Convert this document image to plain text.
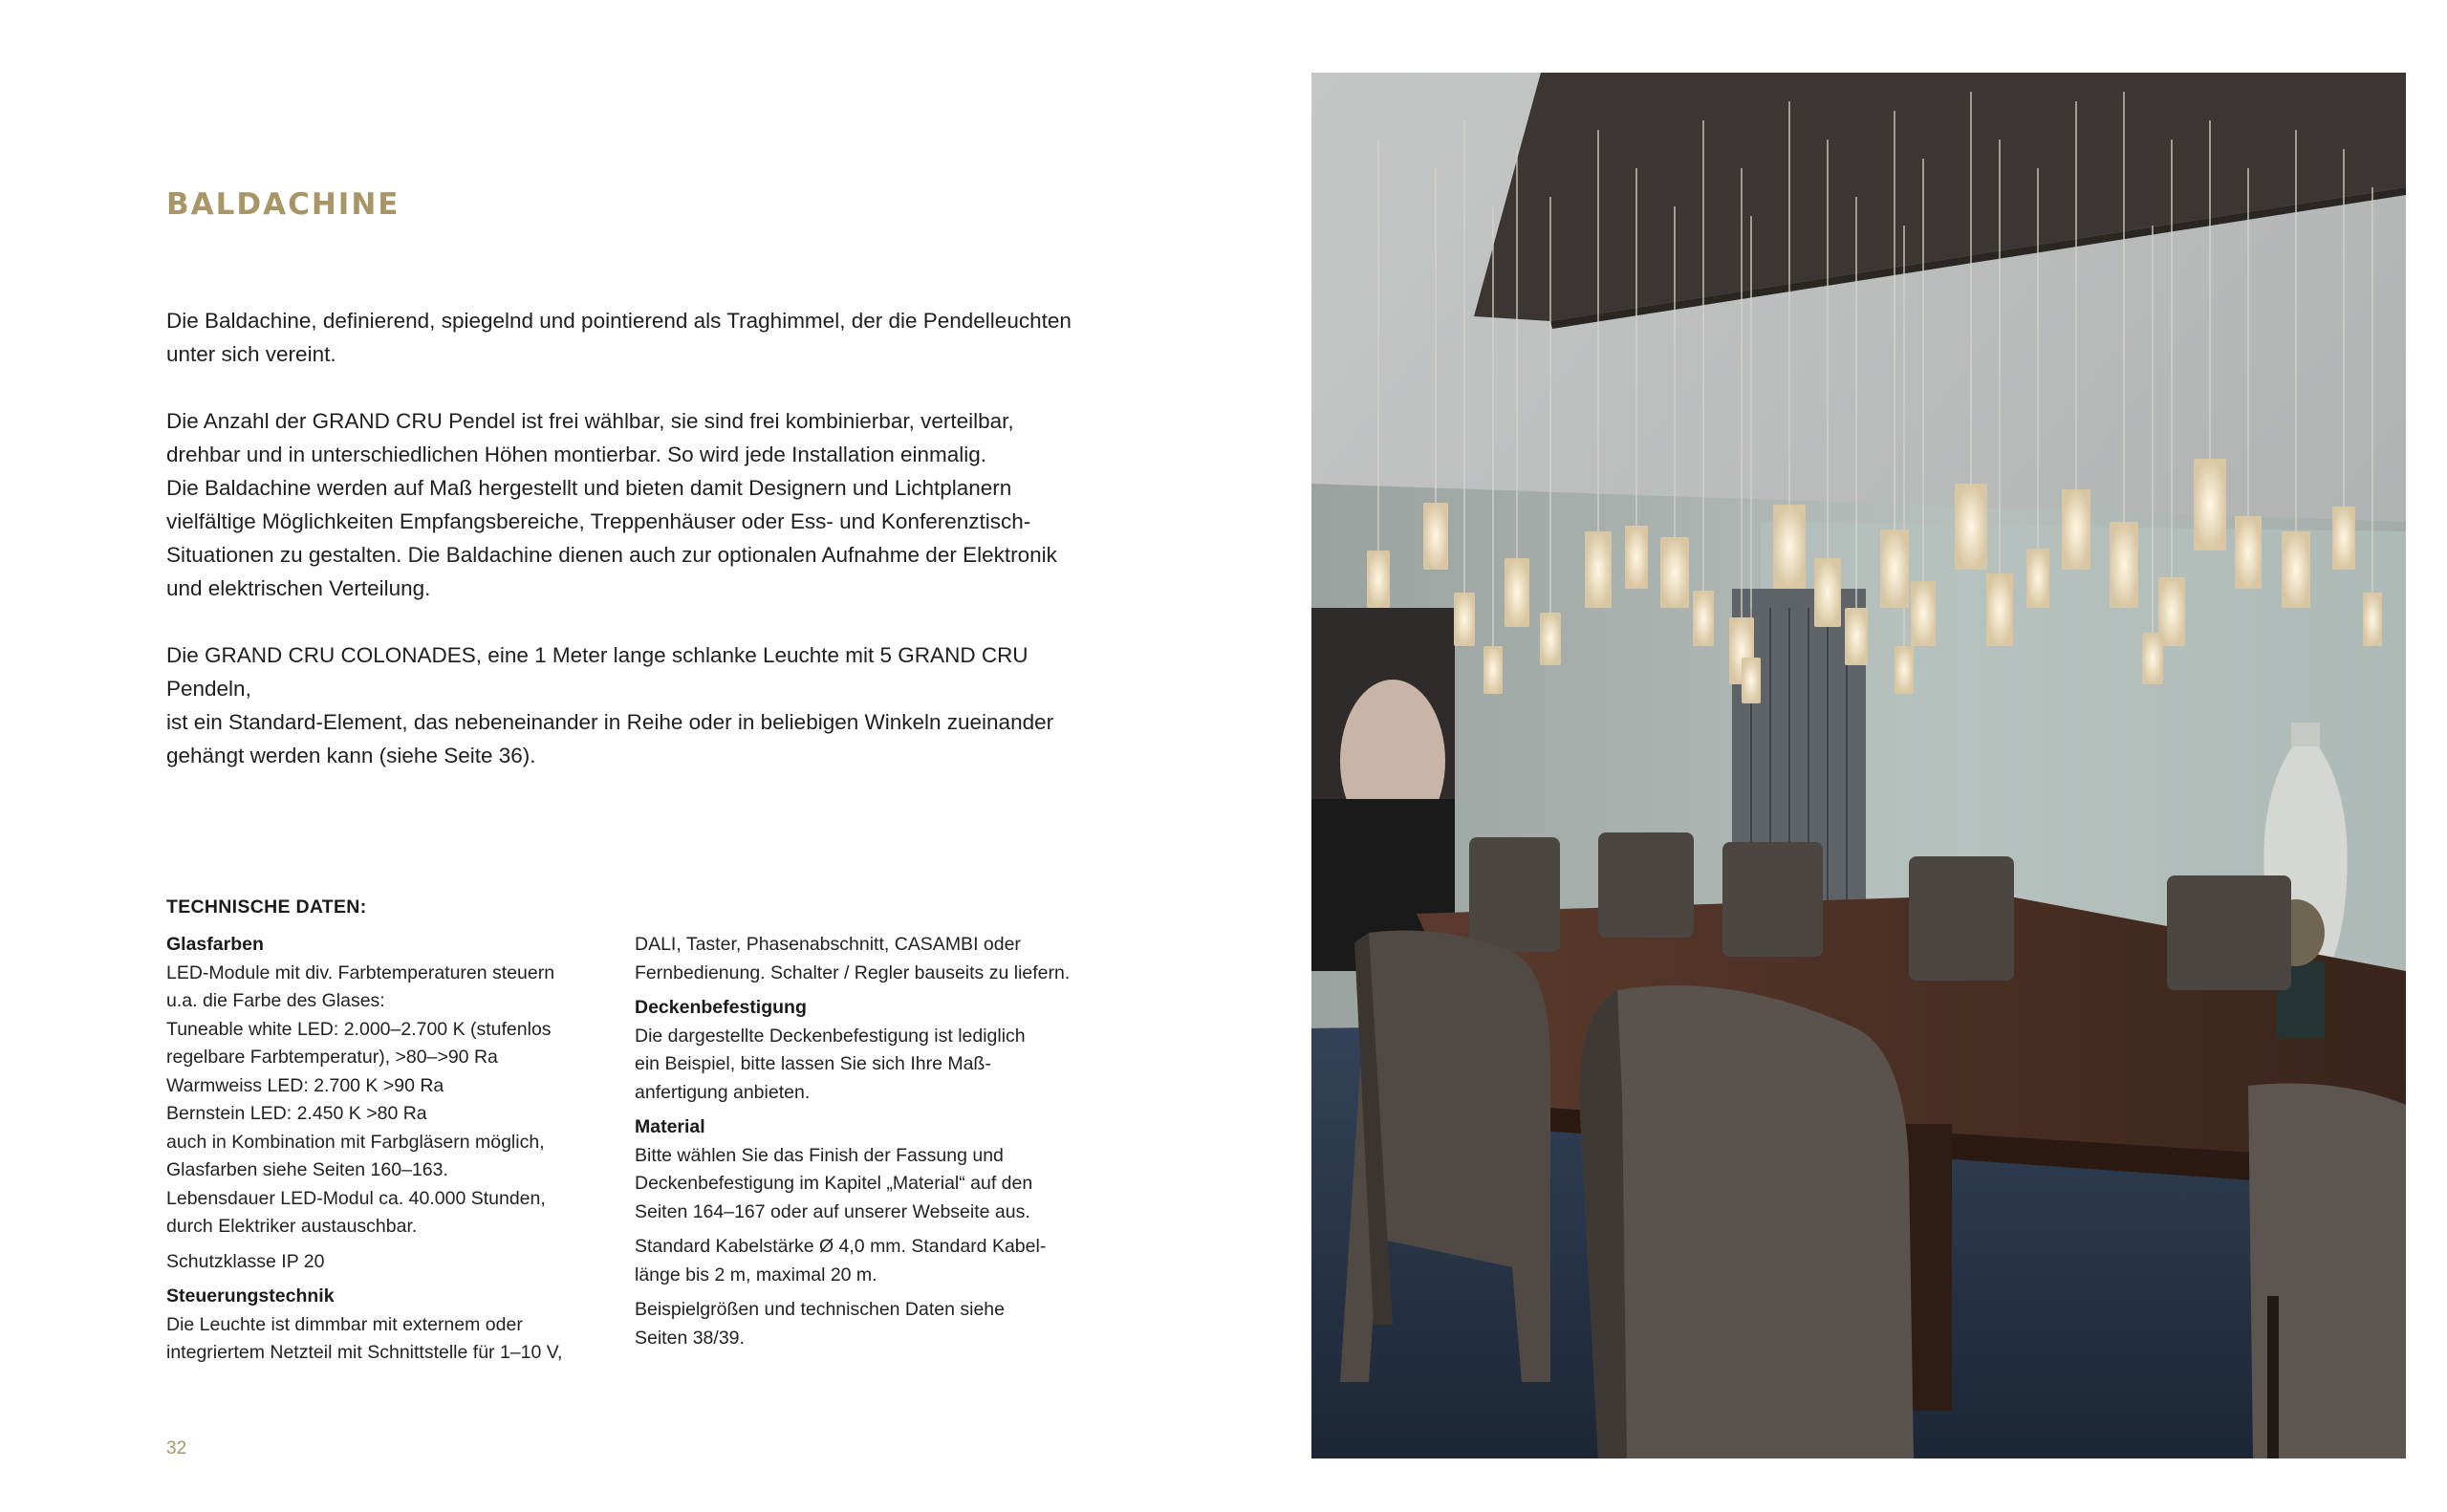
BALDACHINE

Die Baldachine, definierend, spiegelnd und pointierend als Traghimmel, der die Pendelleuchten
unter sich vereint.

Die Anzahl der GRAND CRU Pendel ist frei wählbar, sie sind frei kombinierbar, verteilbar,
drehbar und in unterschiedlichen Höhen montierbar. So wird jede Installation einmalig.
Die Baldachine werden auf Maß hergestellt und bieten damit Designern und Lichtplanern
vielfältige Möglichkeiten Empfangsbereiche, Treppenhäuser oder Ess- und Konferenztisch-
Situationen zu gestalten. Die Baldachine dienen auch zur optionalen Aufnahme der Elektronik
und elektrischen Verteilung.

Die GRAND CRU COLONADES, eine 1 Meter lange schlanke Leuchte mit 5 GRAND CRU Pendeln,
ist ein Standard-Element, das nebeneinander in Reihe oder in beliebigen Winkeln zueinander
gehängt werden kann (siehe Seite 36).

TECHNISCHE DATEN:
Glasfarben
LED-Module mit div. Farbtemperaturen steuern
u.a. die Farbe des Glases:
Tuneable white LED: 2.000–2.700 K (stufenlos
regelbare Farbtemperatur), >80–>90 Ra
Warmweiss LED: 2.700 K >90 Ra
Bernstein LED: 2.450 K >80 Ra
auch in Kombination mit Farbgläsern möglich,
Glasfarben siehe Seiten 160–163.
Lebensdauer LED-Modul ca. 40.000 Stunden,
durch Elektriker austauschbar.
Schutzklasse IP 20
Steuerungstechnik
Die Leuchte ist dimmbar mit externem oder
integriertem Netzteil mit Schnittstelle für 1–10 V,
DALI, Taster, Phasenabschnitt, CASAMBI oder
Fernbedienung. Schalter / Regler bauseits zu liefern.
Deckenbefestigung
Die dargestellte Deckenbefestigung ist lediglich
ein Beispiel, bitte lassen Sie sich Ihre Maß-
anfertigung anbieten.
Material
Bitte wählen Sie das Finish der Fassung und
Deckenbefestigung im Kapitel „Material“ auf den
Seiten 164–167 oder auf unserer Webseite aus.
Standard Kabelstärke Ø 4,0 mm. Standard Kabel-
länge bis 2 m, maximal 20 m.
Beispielgrößen und technischen Daten siehe
Seiten 38/39.
32
